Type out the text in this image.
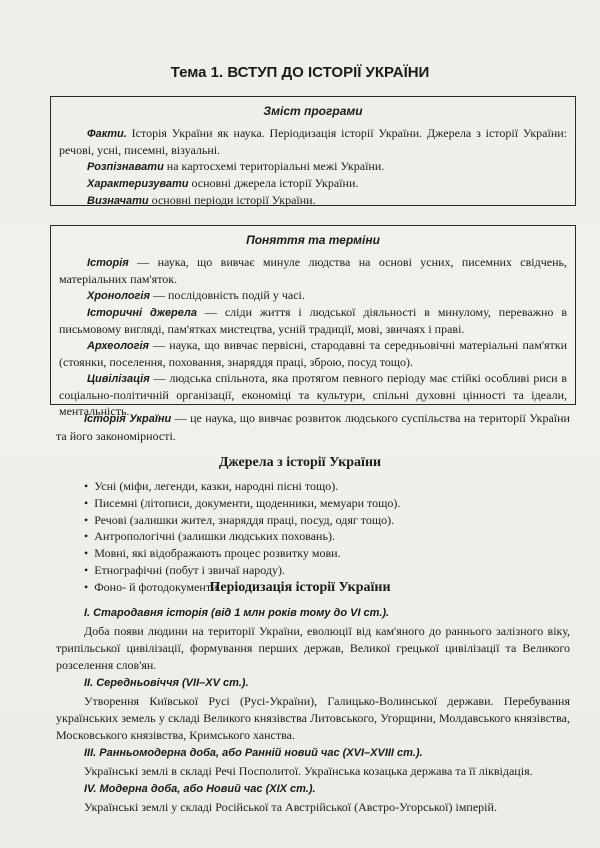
Тема 1. ВСТУП ДО ІСТОРІЇ УКРАЇНИ
Зміст програми

Факти. Історія України як наука. Періодизація історії України. Джерела з історії України: речові, усні, писемні, візуальні.

Розпізнавати на картосхемі територіальні межі України.

Характеризувати основні джерела історії України.

Визначати основні періоди історії України.

Поняття та терміни

Історія — наука, що вивчає минуле людства на основі усних, писемних свідчень, матеріальних пам'яток.

Хронологія — послідовність подій у часі.

Історичні джерела — сліди життя і людської діяльності в минулому, переважно в письмовому вигляді, пам'ятках мистецтва, усній традиції, мові, звичаях і праві.

Археологія — наука, що вивчає первісні, стародавні та середньовічні матеріальні пам'ятки (стоянки, поселення, поховання, знаряддя праці, зброю, посуд тощо).

Цивілізація — людська спільнота, яка протягом певного періоду має стійкі особливі риси в соціально-політичній організації, економіці та культури, спільні духовні цінності та ідеали, ментальність.

Історія України — це наука, що вивчає розвиток людського суспільства на території України та його закономірності.

Джерела з історії України
• Усні (міфи, легенди, казки, народні пісні тощо).
• Писемні (літописи, документи, щоденники, мемуари тощо).
• Речові (залишки жител, знаряддя праці, посуд, одяг тощо).
• Антропологічні (залишки людських поховань).
• Мовні, які відображають процес розвитку мови.
• Етнографічні (побут і звичаї народу).
• Фоно- й фотодокументи.
Періодизація історії України
І. Стародавня історія (від 1 млн років тому до VI ст.).

Доба появи людини на території України, еволюції від кам'яного до раннього залізного віку, трипільської цивілізації, формування перших держав, Великої грецької цивілізації та Великого розселення слов'ян.

ІІ. Середньовіччя (VII–XV ст.).

Утворення Київської Русі (Русі-України), Галицько-Волинської держави. Перебування українських земель у складі Великого князівства Литовського, Угорщини, Молдавського князівства, Московського князівства, Кримського ханства.

ІІІ. Ранньомодерна доба, або Ранній новий час (XVI–XVIII ст.).

Українські землі в складі Речі Посполитої. Українська козацька держава та її ліквідація.

IV. Модерна доба, або Новий час (XIX ст.).

Українські землі у складі Російської та Австрійської (Австро-Угорської) імперій.
